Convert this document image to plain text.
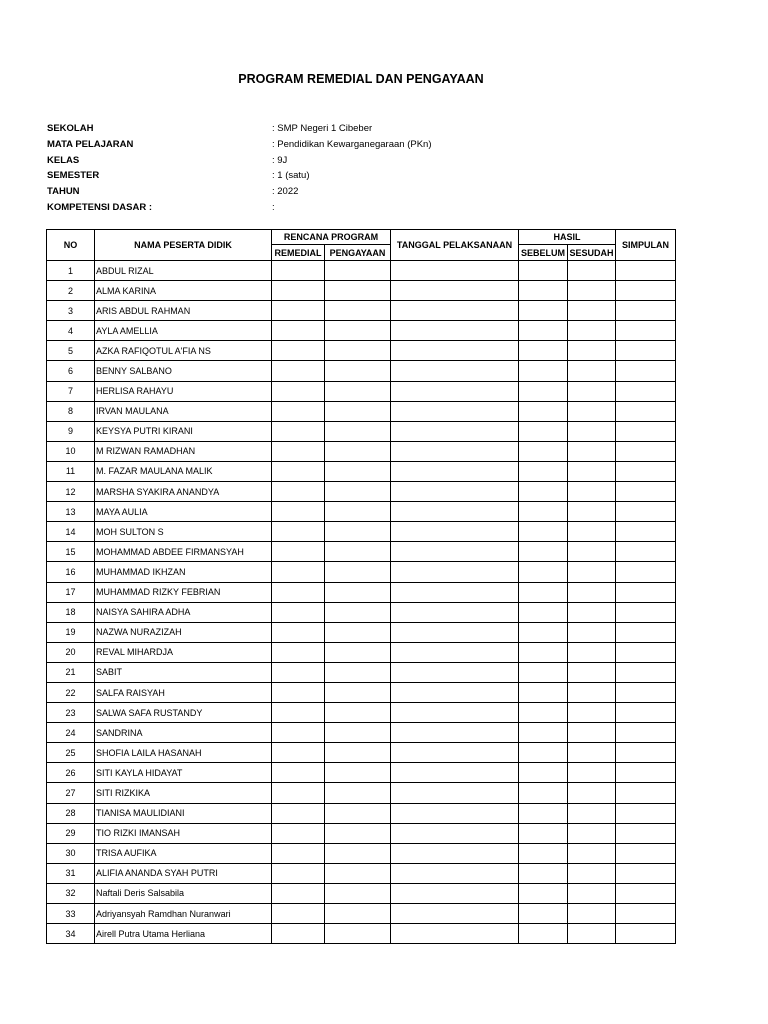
PROGRAM REMEDIAL DAN PENGAYAAN
SEKOLAH	: SMP Negeri 1 Cibeber
MATA PELAJARAN	: Pendidikan Kewarganegaraan (PKn)
KELAS	: 9J
SEMESTER	: 1 (satu)
TAHUN	: 2022
KOMPETENSI DASAR :	:
NO	NAMA PESERTA DIDIK	RENCANA PROGRAM		TANGGAL PELAKSANAAN	HASIL		SIMPULAN
		REMEDIAL	PENGAYAAN		SEBELUM	SESUDAH	
1	ABDUL RIZAL						
2	ALMA KARINA						
3	ARIS ABDUL RAHMAN						
4	AYLA AMELLIA						
5	AZKA RAFIQOTUL A'FIA NS						
6	BENNY SALBANO						
7	HERLISA RAHAYU						
8	IRVAN MAULANA						
9	KEYSYA PUTRI KIRANI						
10	M RIZWAN RAMADHAN						
11	M. FAZAR MAULANA MALIK						
12	MARSHA SYAKIRA ANANDYA						
13	MAYA AULIA						
14	MOH SULTON S						
15	MOHAMMAD ABDEE FIRMANSYAH						
16	MUHAMMAD IKHZAN						
17	MUHAMMAD RIZKY FEBRIAN						
18	NAISYA SAHIRA ADHA						
19	NAZWA NURAZIZAH						
20	REVAL MIHARDJA						
21	SABIT						
22	SALFA RAISYAH						
23	SALWA SAFA RUSTANDY						
24	SANDRINA						
25	SHOFIA LAILA HASANAH						
26	SITI KAYLA HIDAYAT						
27	SITI RIZKIKA						
28	TIANISA MAULIDIANI						
29	TIO RIZKI IMANSAH						
30	TRISA AUFIKA						
31	ALIFIA ANANDA SYAH PUTRI						
32	Naftali Deris Salsabila						
33	Adriyansyah Ramdhan Nuranwari						
34	Airell Putra Utama Herliana						
